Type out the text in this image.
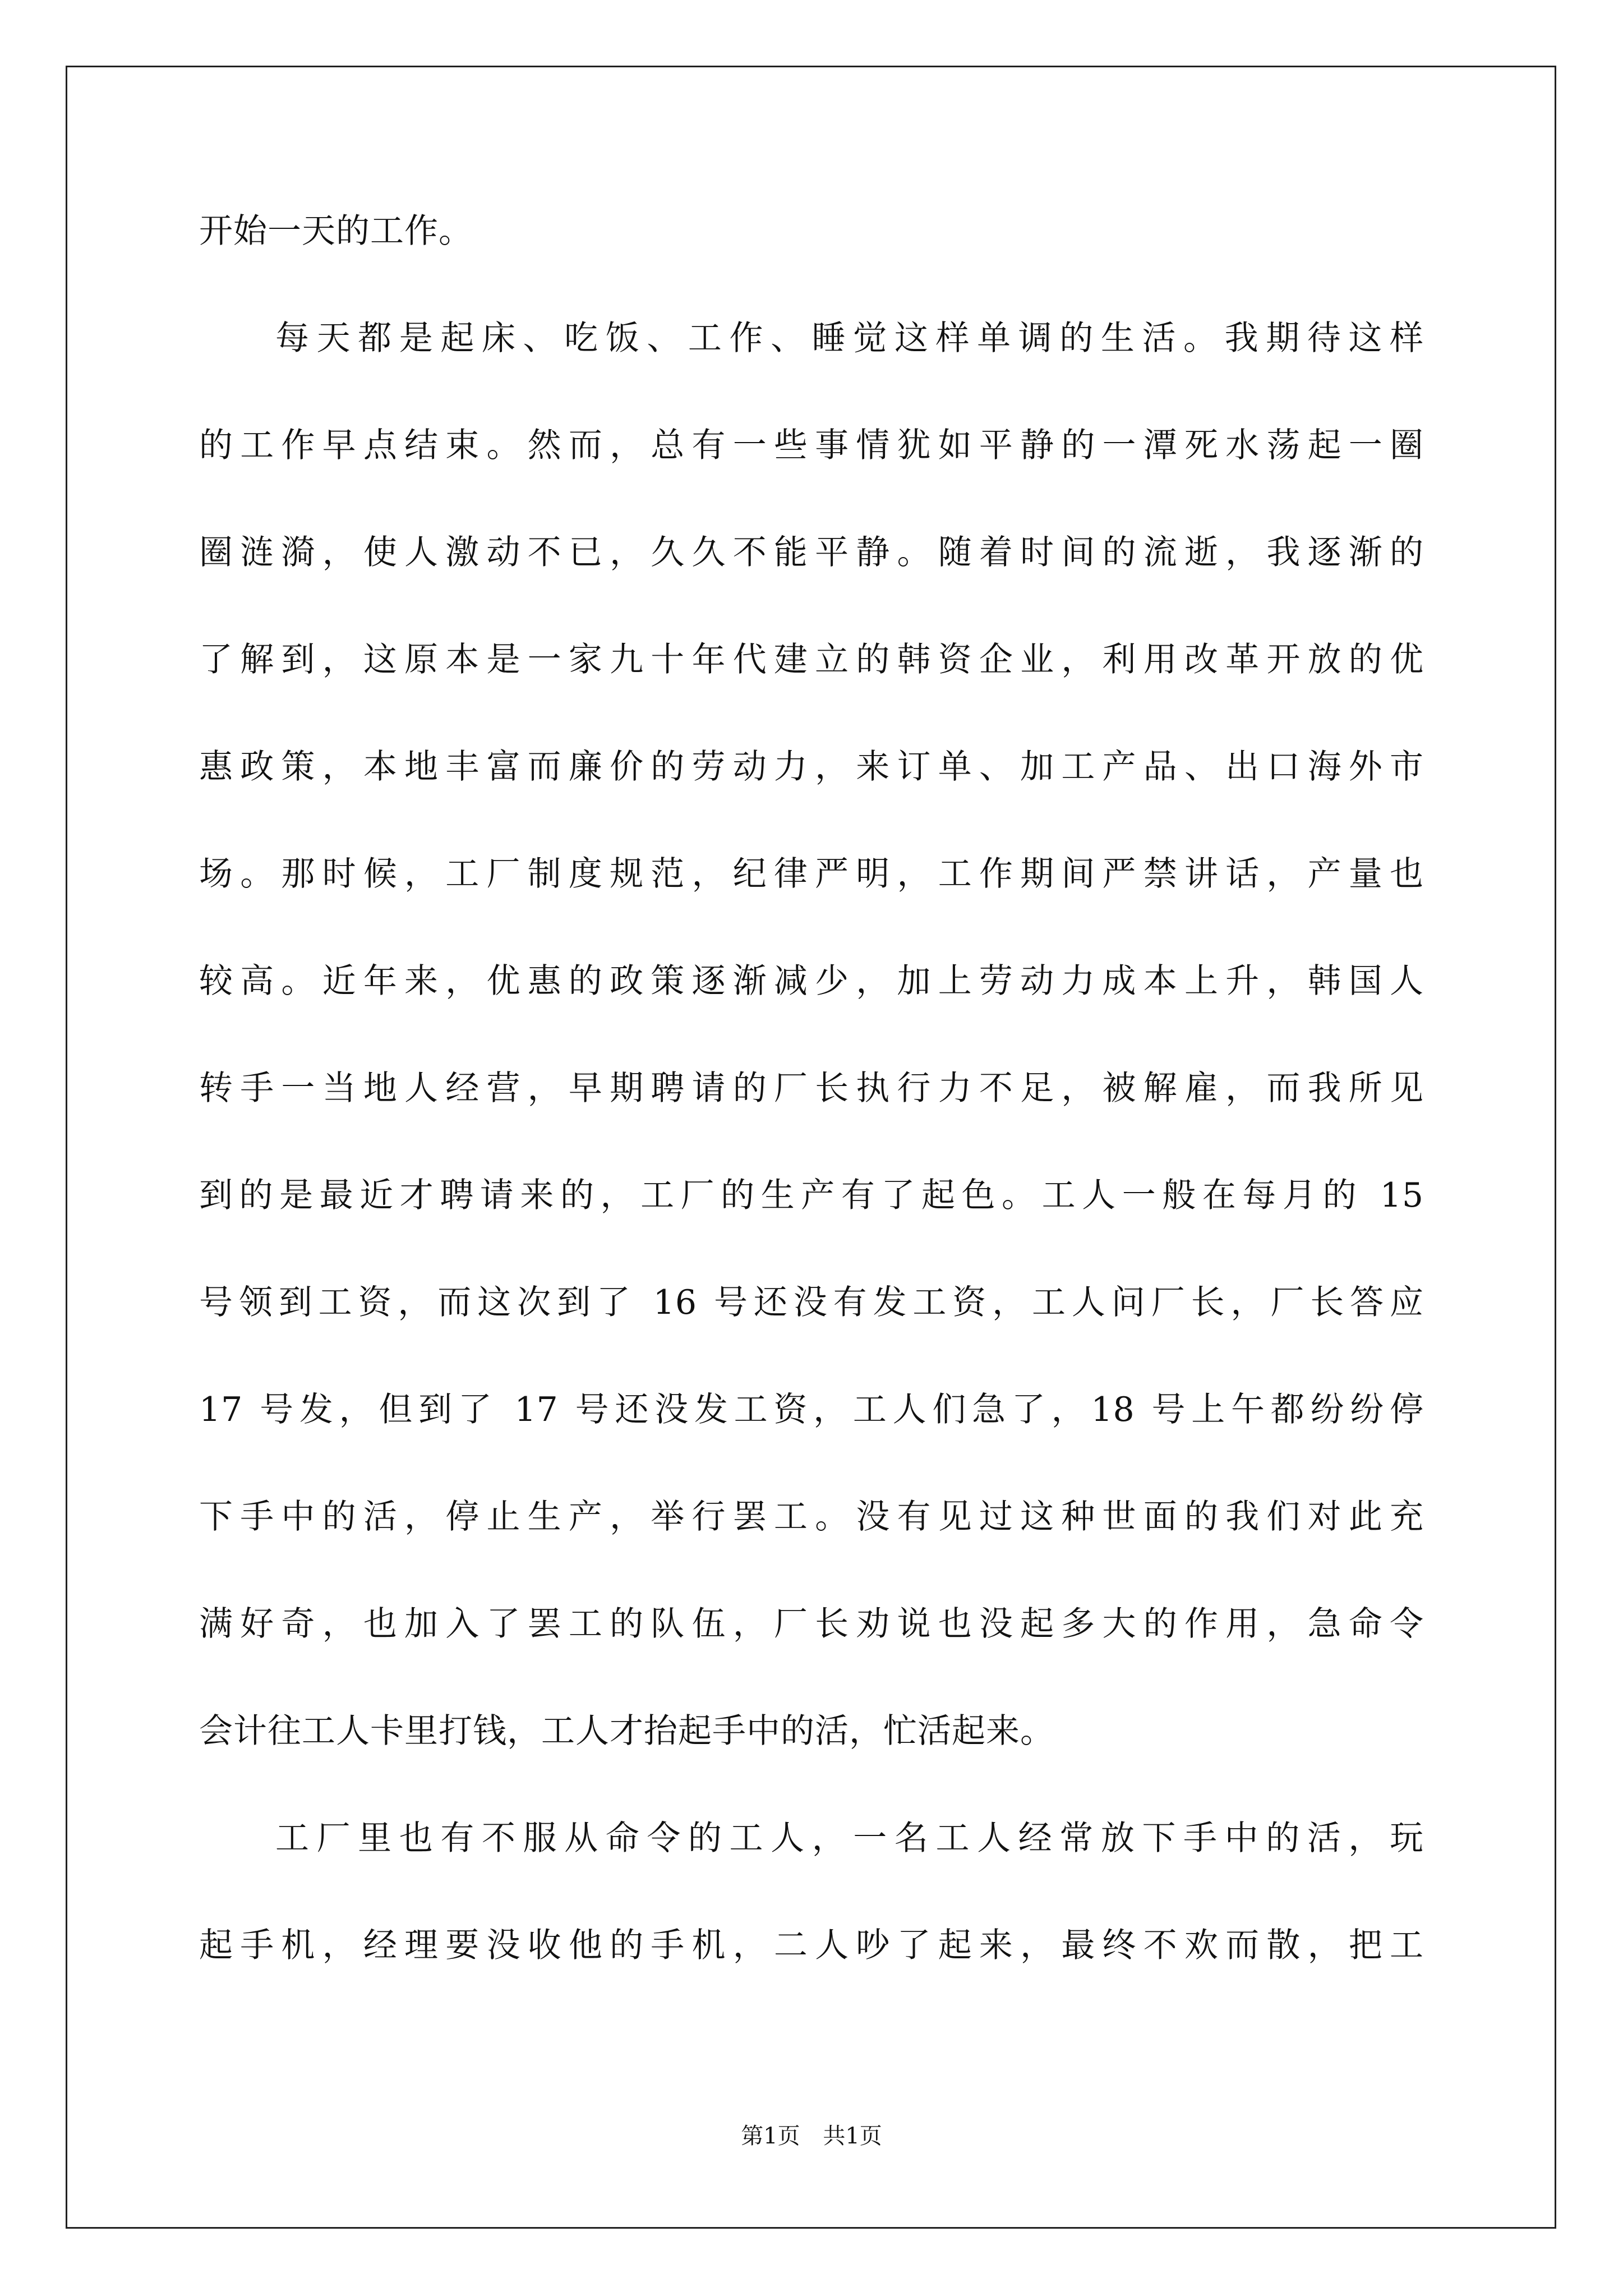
开始一天的工作。
每天都是起床、吃饭、工作、睡觉这样单调的生活。我期待这样
的工作早点结束。然而，总有一些事情犹如平静的一潭死水荡起一圈
圈涟漪，使人激动不已，久久不能平静。随着时间的流逝，我逐渐的
了解到，这原本是一家九十年代建立的韩资企业，利用改革开放的优
惠政策，本地丰富而廉价的劳动力，来订单、加工产品、出口海外市
场。那时候，工厂制度规范，纪律严明，工作期间严禁讲话，产量也
较高。近年来，优惠的政策逐渐减少，加上劳动力成本上升，韩国人
转手一当地人经营，早期聘请的厂长执行力不足，被解雇，而我所见
到的是最近才聘请来的，工厂的生产有了起色。工人一般在每月的 15
号领到工资，而这次到了 16 号还没有发工资，工人问厂长，厂长答应
17 号发，但到了 17 号还没发工资，工人们急了，18 号上午都纷纷停
下手中的活，停止生产，举行罢工。没有见过这种世面的我们对此充
满好奇，也加入了罢工的队伍，厂长劝说也没起多大的作用，急命令
会计往工人卡里打钱，工人才抬起手中的活，忙活起来。
工厂里也有不服从命令的工人，一名工人经常放下手中的活，玩
起手机，经理要没收他的手机，二人吵了起来，最终不欢而散，把工
第1页 共1页
